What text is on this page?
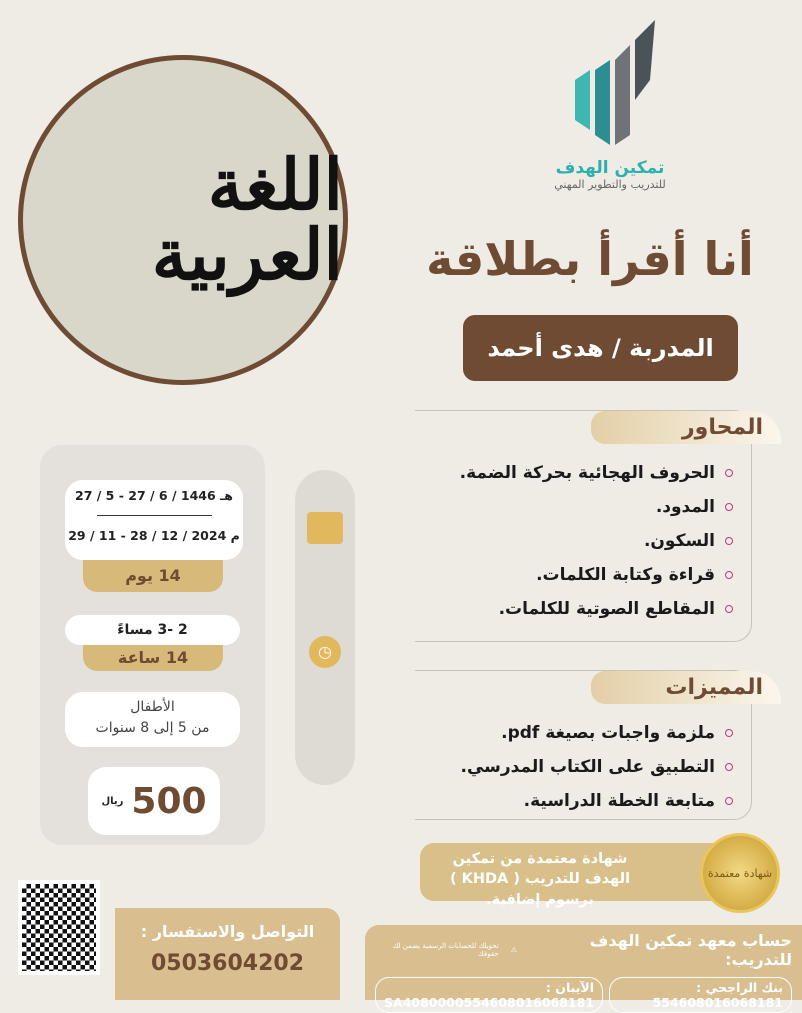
اللغة العربية
تمكين الهدف
للتدريب والتطوير المهني
أنا أقرأ بطلاقة
المدربة / هدى أحمد
المحاور
الحروف الهجائية بحركة الضمة.
المدود.
السكون.
قراءة وكتابة الكلمات.
المقاطع الصوتية للكلمات.
المميزات
ملزمة واجبات بصيغة pdf.
التطبيق على الكتاب المدرسي.
متابعة الخطة الدراسية.
◷
27 / 5 - 27 / 6 / 1446 هـ
29 / 11 - 28 / 12 / 2024 م
14 يوم
2 -3 مساءً
14 ساعة
الأطفال
من 5 إلى 8 سنوات
500
ريال
شهادة معتمدة من تمكين الهدف للتدريب ( KHDA ) برسوم إضافية.
شهادة معتمدة
حساب معهد تمكين الهدف للتدريب:
⚠
تحويلك للحسابات الرسمية يضمن لك حقوقك
بنك الراجحي : 554608016068181
الآيبان : SA4080000554608016068181
التواصل والاستفسار :
0503604202
